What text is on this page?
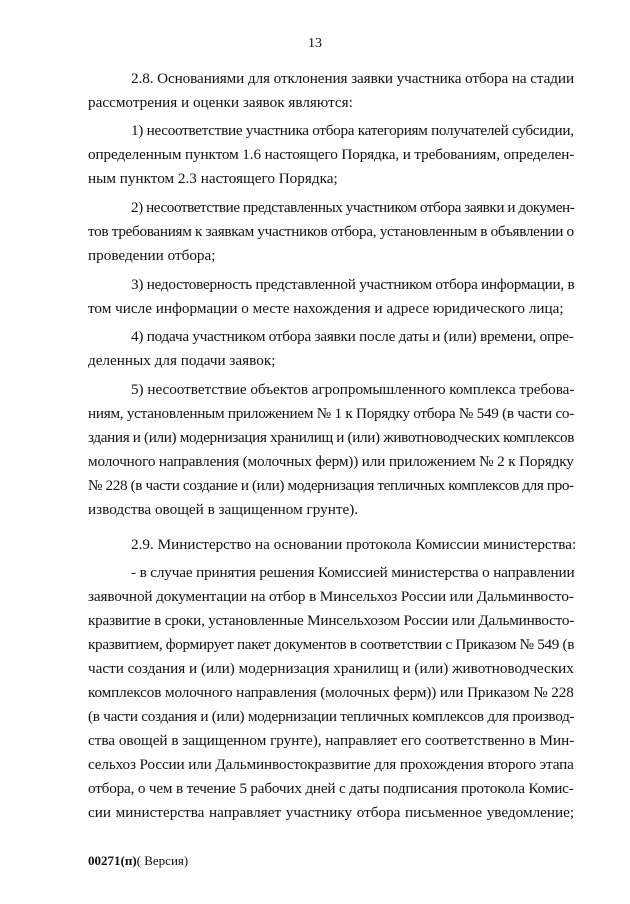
13
2.8. Основаниями для отклонения заявки участника отбора на стадии
рассмотрения и оценки заявок являются:
1) несоответствие участника отбора категориям получателей субсидии,
определенным пунктом 1.6 настоящего Порядка, и требованиям, определен-
ным пунктом 2.3 настоящего Порядка;
2) несоответствие представленных участником отбора заявки и докумен-
тов требованиям к заявкам участников отбора, установленным в объявлении о
проведении отбора;
3) недостоверность представленной участником отбора информации, в
том числе информации о месте нахождения и адресе юридического лица;
4) подача участником отбора заявки после даты и (или) времени, опре-
деленных для подачи заявок;
5) несоответствие объектов агропромышленного комплекса требова-
ниям, установленным приложением № 1 к Порядку отбора № 549 (в части со-
здания и (или) модернизация хранилищ и (или) животноводческих комплексов
молочного направления (молочных ферм)) или приложением № 2 к Порядку
№ 228 (в части создание и (или) модернизация тепличных комплексов для про-
изводства овощей в защищенном грунте).
2.9. Министерство на основании протокола Комиссии министерства:
- в случае принятия решения Комиссией министерства о направлении
заявочной документации на отбор в Минсельхоз России или Дальминвосто-
кразвитие в сроки, установленные Минсельхозом России или Дальминвосто-
кразвитием, формирует пакет документов в соответствии с Приказом № 549 (в
части создания и (или) модернизация хранилищ и (или) животноводческих
комплексов молочного направления (молочных ферм)) или Приказом № 228
(в части создания и (или) модернизации тепличных комплексов для производ-
ства овощей в защищенном грунте), направляет его соответственно в Мин-
сельхоз России или Дальминвостокразвитие для прохождения второго этапа
отбора, о чем в течение 5 рабочих дней с даты подписания протокола Комис-
сии министерства направляет участнику отбора письменное уведомление;
00271(п)( Версия)
